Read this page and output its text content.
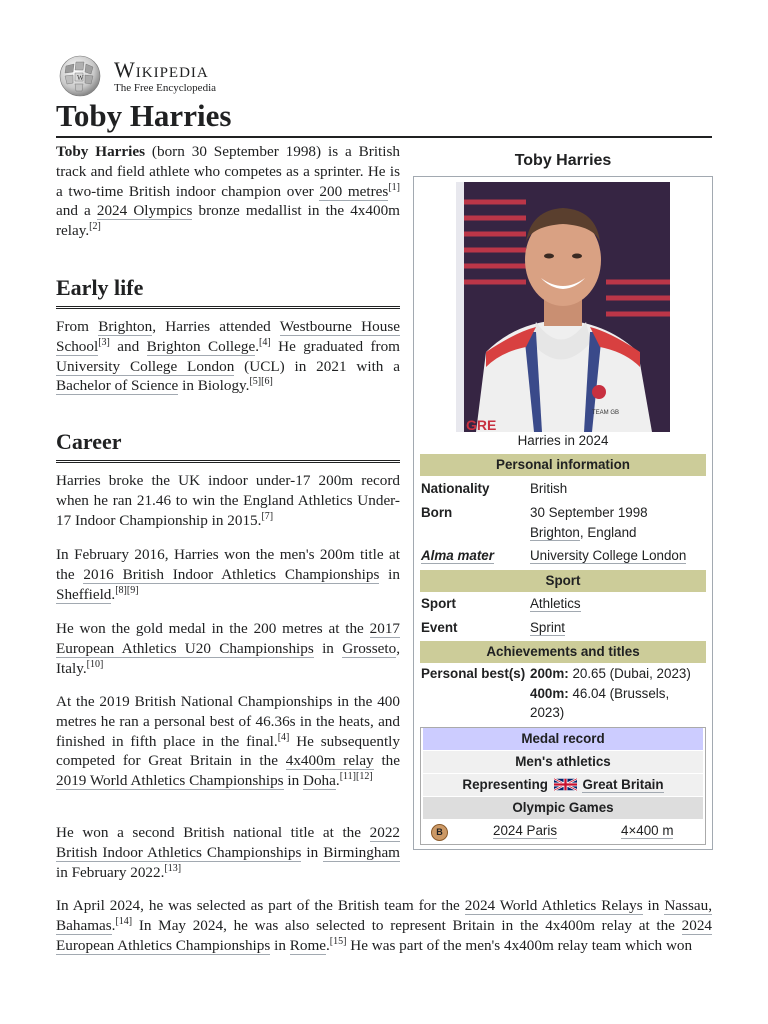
W Wikipedia
The Free Encyclopedia
Toby Harries

Toby Harries (born 30 September 1998) is a British track and field athlete who competes as a sprinter. He is a two-time British indoor champion over 200 metres[1] and a 2024 Olympics bronze medallist in the 4x400m relay.[2]

Early life

From Brighton, Harries attended Westbourne House School[3] and Brighton College.[4] He graduated from University College London (UCL) in 2021 with a Bachelor of Science in Biology.[5][6]

Career

Harries broke the UK indoor under-17 200m record when he ran 21.46 to win the England Athletics Under-17 Indoor Championship in 2015.[7]

In February 2016, Harries won the men's 200m title at the 2016 British Indoor Athletics Championships in Sheffield.[8][9]

He won the gold medal in the 200 metres at the 2017 European Athletics U20 Championships in Grosseto, Italy.[10]

At the 2019 British National Championships in the 400 metres he ran a personal best of 46.36s in the heats, and finished in fifth place in the final.[4] He subsequently competed for Great Britain in the 4x400m relay the 2019 World Athletics Championships in Doha.[11][12]

He won a second British national title at the 2022 British Indoor Athletics Championships in Birmingham in February 2022.[13]

In April 2024, he was selected as part of the British team for the 2024 World Athletics Relays in Nassau, Bahamas.[14] In May 2024, he was also selected to represent Britain in the 4x400m relay at the 2024 European Athletics Championships in Rome.[15] He was part of the men's 4x400m relay team which won

Toby Harries
TEAM GB
GRE
Harries in 2024
Personal information
Nationality	British
Born	30 September 1998
Brighton, England
Alma mater	University College London
Sport
Sport	Athletics
Event	Sprint
Achievements and titles
Personal best(s) 200m: 20.65 (Dubai, 2023)
400m: 46.04 (Brussels, 2023)
Medal record
Men's athletics
Representing	Great Britain
Olympic Games
B	2024 Paris	4×400 m
